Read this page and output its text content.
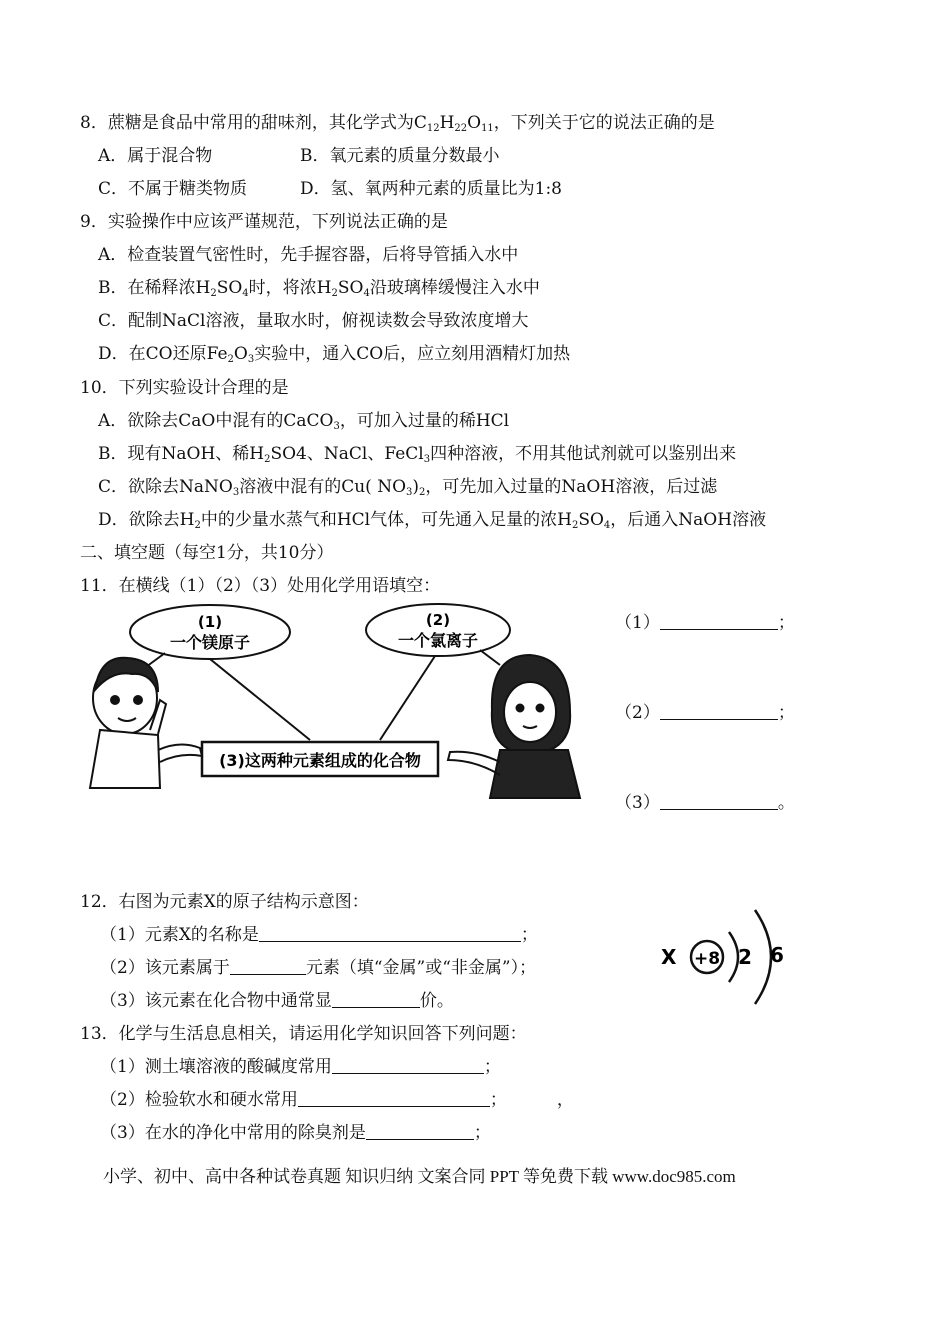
8．蔗糖是食品中常用的甜味剂，其化学式为$C_{12}H_{22}O_{11}$，下列关于它的说法正确的是
A．属于混合物	B．氧元素的质量分数最小
C．不属于糖类物质	D．氢、氧两种元素的质量比为1:8
9．实验操作中应该严谨规范，下列说法正确的是
A．检查装置气密性时，先手握容器，后将导管插入水中
B．在稀释浓$H_2SO_4$时，将浓$H_2SO_4$沿玻璃棒缓慢注入水中
C．配制NaCl溶液，量取水时，俯视读数会导致浓度增大
D．在CO还原$Fe_2O_3$实验中，通入CO后，应立刻用酒精灯加热
10．下列实验设计合理的是
A．欲除去CaO中混有的CaCO$_3$，可加入过量的稀HCl
B．现有NaOH、稀$H_2SO4$、NaCl、FeCl$_3$四种溶液，不用其他试剂就可以鉴别出来
C．欲除去NaNO$_3$溶液中混有的Cu( $NO_3)_2$，可先加入过量的NaOH溶液，后过滤
D．欲除去$H_2$中的少量水蒸气和HCl气体，可先通入足量的浓$H_2SO_4$，后通入NaOH溶液
二、填空题（每空1分，共10分）
11．在横线（1）（2）（3）处用化学用语填空：
(1)
一个镁原子
(2)
一个氯离子
(3)这两种元素组成的化合物
（1）	；
（2）	；
（3）	。
12．右图为元素X的原子结构示意图：
（1）元素X的名称是	；
（2）该元素属于	元素（填“金属”或“非金属”）；
（3）该元素在化合物中通常显	价。
X +8 2 6
13．化学与生活息息相关，请运用化学知识回答下列问题：
（1）测土壤溶液的酸碱度常用	；
（2）检验软水和硬水常用	；	，
（3）在水的净化中常用的除臭剂是	；
小学、初中、高中各种试卷真题 知识归纳 文案合同 PPT 等免费下载 www.doc985.com
